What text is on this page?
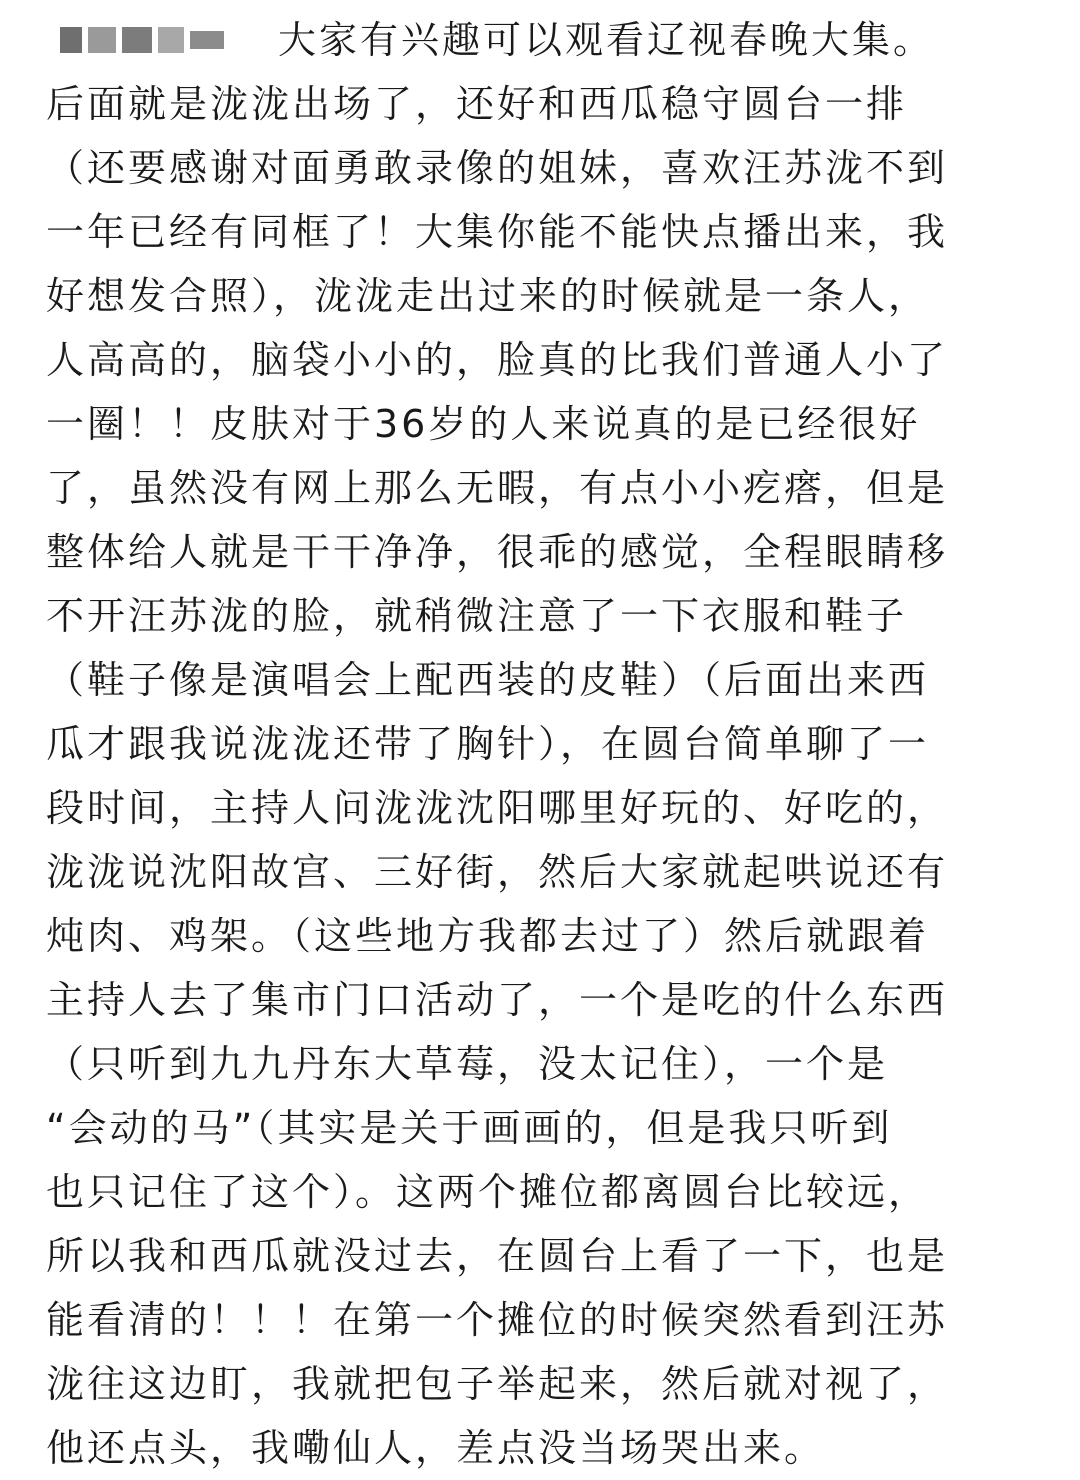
大家有兴趣可以观看辽视春晚大集。
后面就是泷泷出场了，还好和西瓜稳守圆台一排
（还要感谢对面勇敢录像的姐妹，喜欢汪苏泷不到
一年已经有同框了！大集你能不能快点播出来，我
好想发合照），泷泷走出过来的时候就是一条人，
人高高的，脑袋小小的，脸真的比我们普通人小了
一圈！！皮肤对于36岁的人来说真的是已经很好
了，虽然没有网上那么无暇，有点小小疙瘩，但是
整体给人就是干干净净，很乖的感觉，全程眼睛移
不开汪苏泷的脸，就稍微注意了一下衣服和鞋子
（鞋子像是演唱会上配西装的皮鞋）（后面出来西
瓜才跟我说泷泷还带了胸针），在圆台简单聊了一
段时间，主持人问泷泷沈阳哪里好玩的、好吃的，
泷泷说沈阳故宫、三好街，然后大家就起哄说还有
炖肉、鸡架。（这些地方我都去过了）然后就跟着
主持人去了集市门口活动了，一个是吃的什么东西
（只听到九九丹东大草莓，没太记住），一个是
“会动的马”（其实是关于画画的，但是我只听到
也只记住了这个）。这两个摊位都离圆台比较远，
所以我和西瓜就没过去，在圆台上看了一下，也是
能看清的！！！在第一个摊位的时候突然看到汪苏
泷往这边盯，我就把包子举起来，然后就对视了，
他还点头，我嘞仙人，差点没当场哭出来。
